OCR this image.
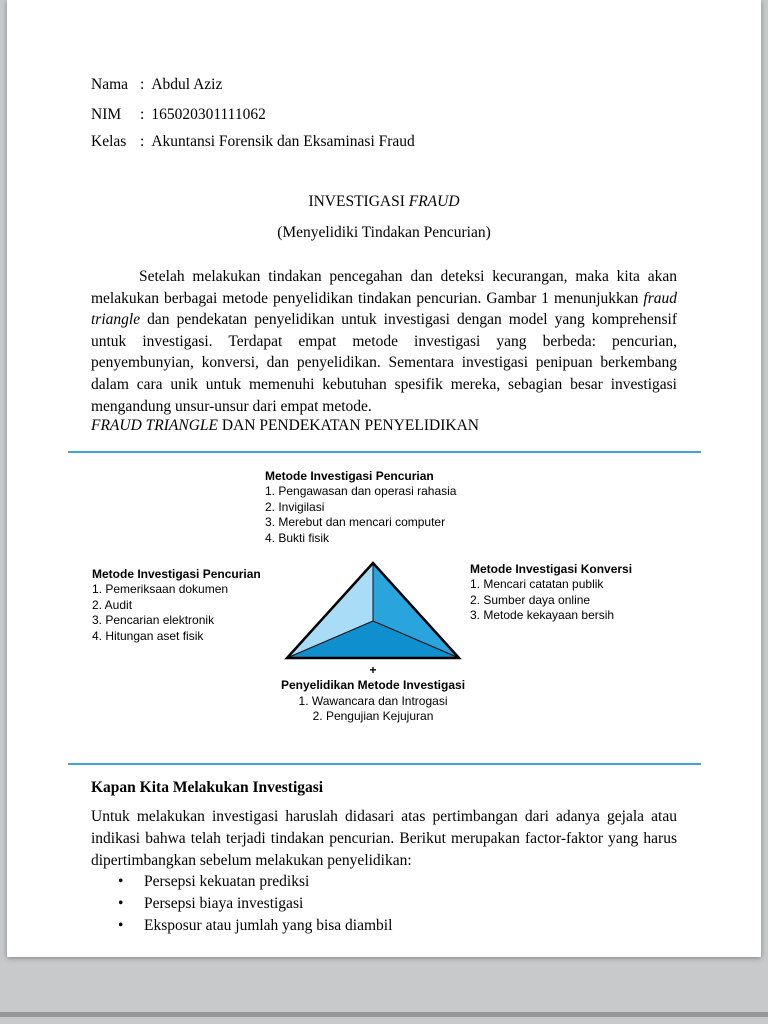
Nama : Abdul Aziz
NIM : 165020301111062
Kelas : Akuntansi Forensik dan Eksaminasi Fraud
INVESTIGASI FRAUD
(Menyelidiki Tindakan Pencurian)

Setelah melakukan tindakan pencegahan dan deteksi kecurangan, maka kita akan melakukan berbagai metode penyelidikan tindakan pencurian. Gambar 1 menunjukkan fraud triangle dan pendekatan penyelidikan untuk investigasi dengan model yang komprehensif untuk investigasi. Terdapat empat metode investigasi yang berbeda: pencurian, penyembunyian, konversi, dan penyelidikan. Sementara investigasi penipuan berkembang dalam cara unik untuk memenuhi kebutuhan spesifik mereka, sebagian besar investigasi mengandung unsur-unsur dari empat metode.

FRAUD TRIANGLE DAN PENDEKATAN PENYELIDIKAN
Metode Investigasi Pencurian
1. Pengawasan dan operasi rahasia
2. Invigilasi
3. Merebut dan mencari computer
4. Bukti fisik
Metode Investigasi Pencurian
1. Pemeriksaan dokumen
2. Audit
3. Pencarian elektronik
4. Hitungan aset fisik
Metode Investigasi Konversi
1. Mencari catatan publik
2. Sumber daya online
3. Metode kekayaan bersih
+
Penyelidikan Metode Investigasi
1. Wawancara dan Introgasi
2. Pengujian Kejujuran
Kapan Kita Melakukan Investigasi

Untuk melakukan investigasi haruslah didasari atas pertimbangan dari adanya gejala atau indikasi bahwa telah terjadi tindakan pencurian. Berikut merupakan factor-faktor yang harus dipertimbangkan sebelum melakukan penyelidikan:

• Persepsi kekuatan prediksi
• Persepsi biaya investigasi
• Eksposur atau jumlah yang bisa diambil
